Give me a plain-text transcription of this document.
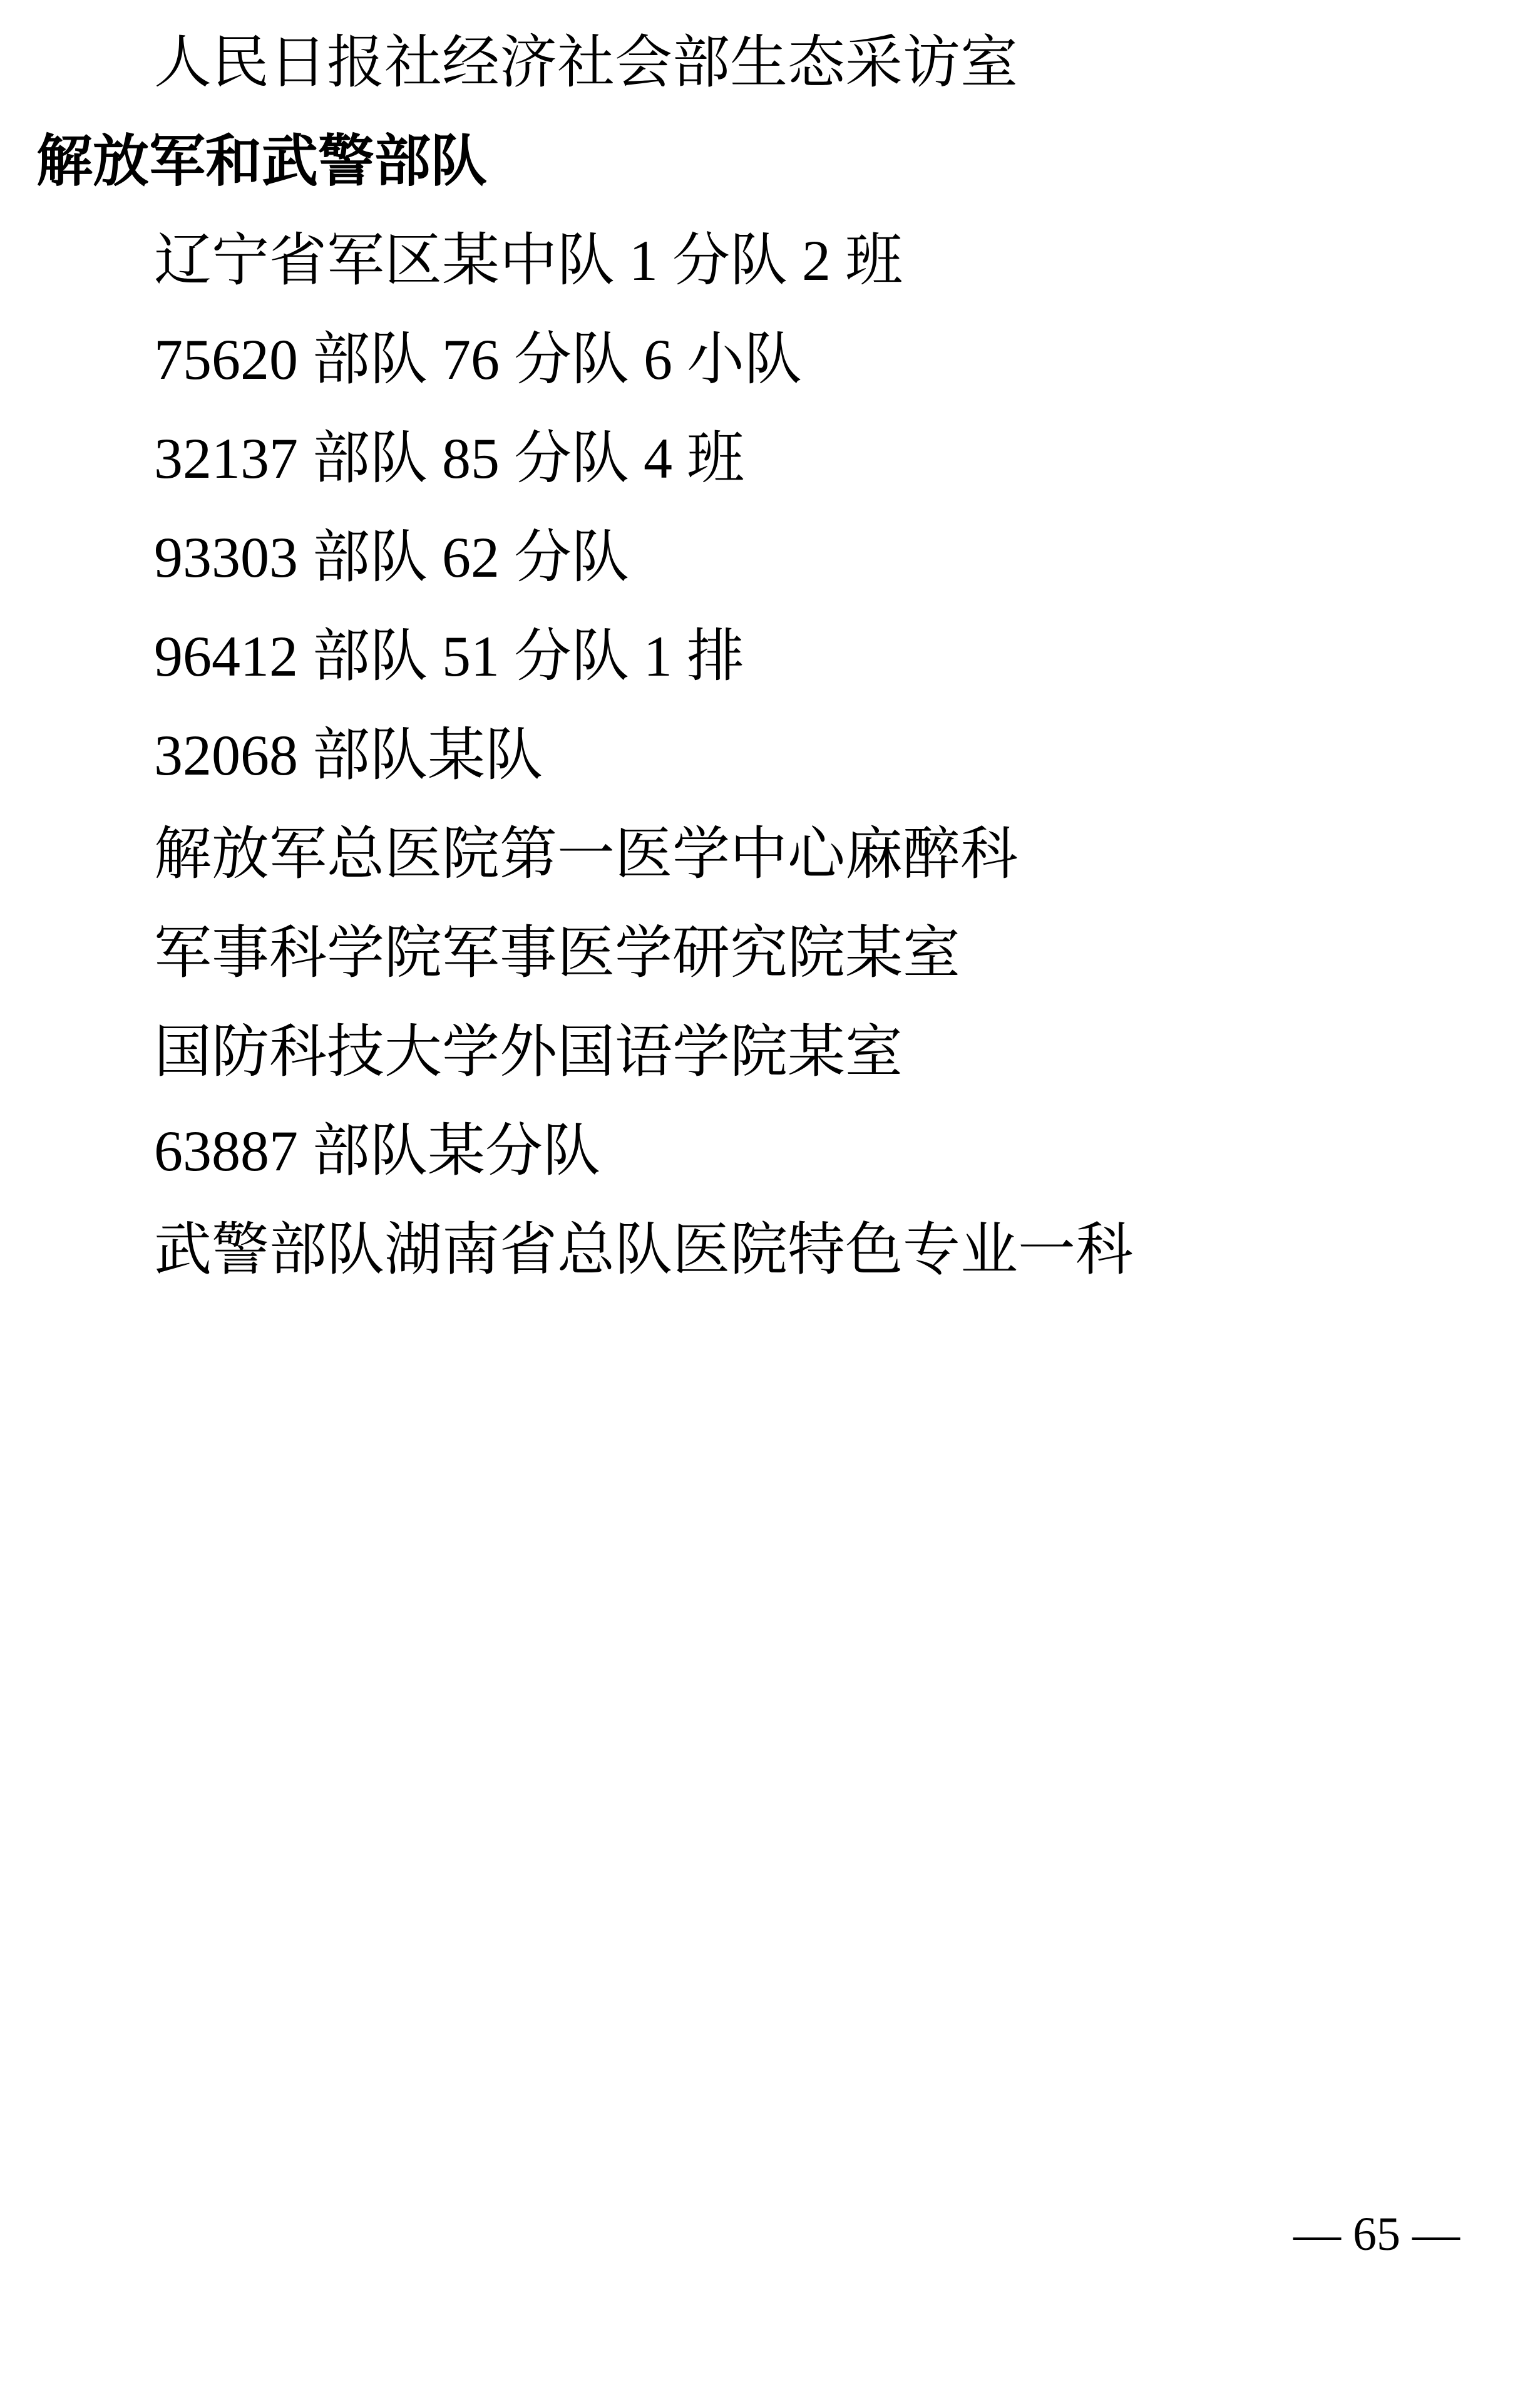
人民日报社经济社会部生态采访室
解放军和武警部队
辽宁省军区某中队 1 分队 2 班
75620 部队 76 分队 6 小队
32137 部队 85 分队 4 班
93303 部队 62 分队
96412 部队 51 分队 1 排
32068 部队某队
解放军总医院第一医学中心麻醉科
军事科学院军事医学研究院某室
国防科技大学外国语学院某室
63887 部队某分队
武警部队湖南省总队医院特色专业一科
— 65 —
